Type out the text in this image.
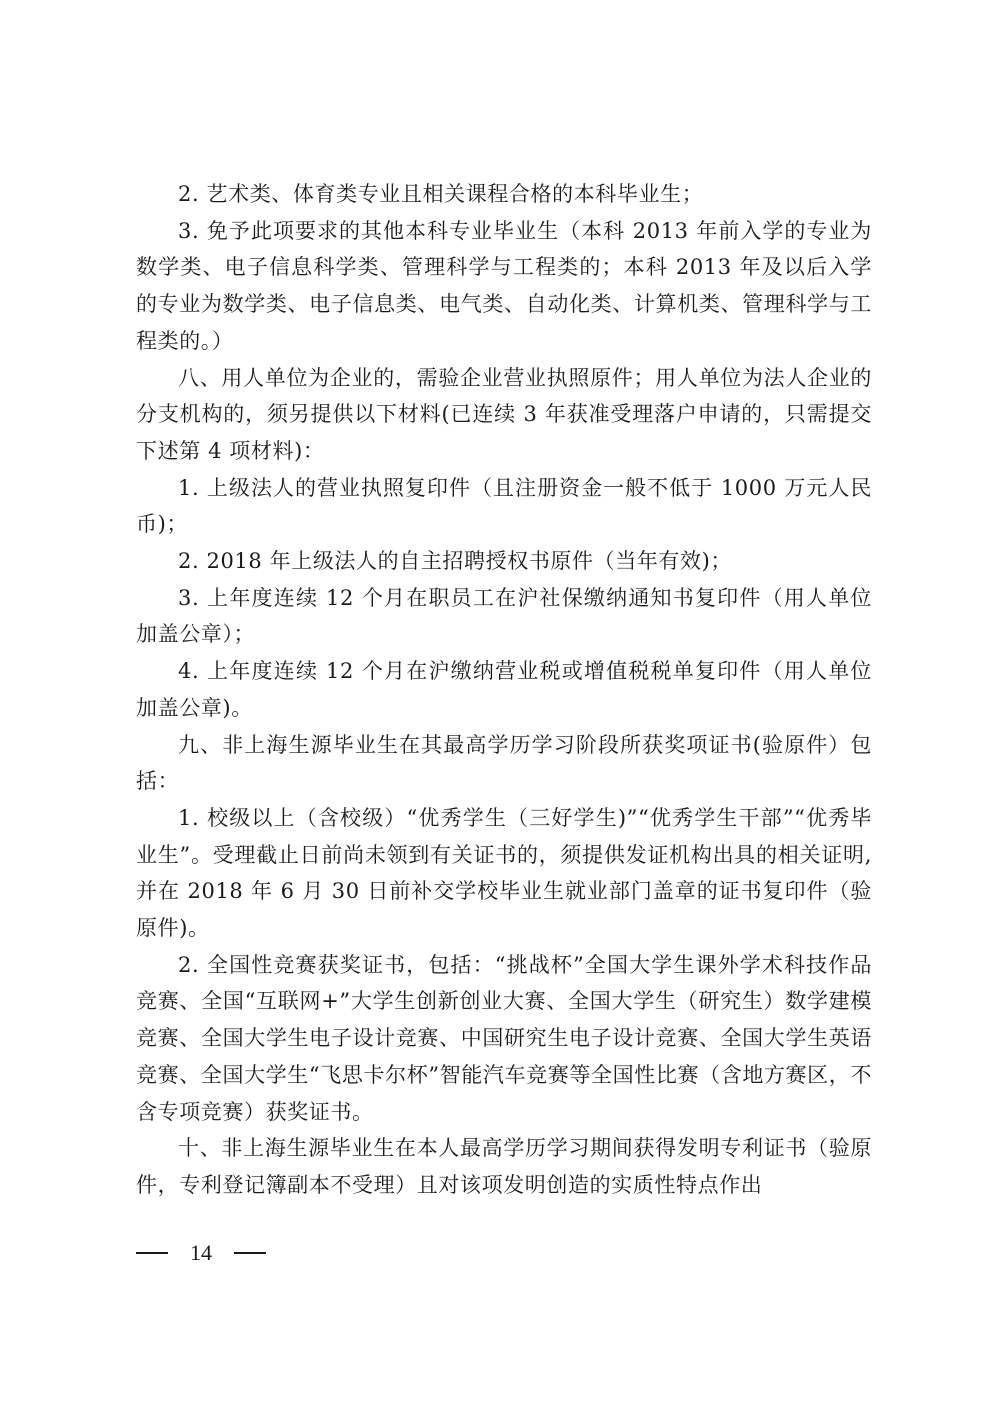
2. 艺术类、体育类专业且相关课程合格的本科毕业生；

3. 免予此项要求的其他本科专业毕业生（本科 2013 年前入学的专业为数学类、电子信息科学类、管理科学与工程类的；本科 2013 年及以后入学的专业为数学类、电子信息类、电气类、自动化类、计算机类、管理科学与工程类的。）

八、用人单位为企业的，需验企业营业执照原件；用人单位为法人企业的分支机构的，须另提供以下材料(已连续 3 年获准受理落户申请的，只需提交下述第 4 项材料)：

1. 上级法人的营业执照复印件（且注册资金一般不低于 1000 万元人民币)；

2. 2018 年上级法人的自主招聘授权书原件（当年有效)；

3. 上年度连续 12 个月在职员工在沪社保缴纳通知书复印件（用人单位加盖公章）；

4. 上年度连续 12 个月在沪缴纳营业税或增值税税单复印件（用人单位加盖公章)。

九、非上海生源毕业生在其最高学历学习阶段所获奖项证书(验原件）包括：

1. 校级以上（含校级）“优秀学生（三好学生)”“优秀学生干部”“优秀毕业生”。受理截止日前尚未领到有关证书的，须提供发证机构出具的相关证明,并在 2018 年 6 月 30 日前补交学校毕业生就业部门盖章的证书复印件（验原件)。

2. 全国性竞赛获奖证书，包括：“挑战杯”全国大学生课外学术科技作品竞赛、全国“互联网+”大学生创新创业大赛、全国大学生（研究生）数学建模竞赛、全国大学生电子设计竞赛、中国研究生电子设计竞赛、全国大学生英语竞赛、全国大学生“飞思卡尔杯”智能汽车竞赛等全国性比赛（含地方赛区，不含专项竞赛）获奖证书。

十、非上海生源毕业生在本人最高学历学习期间获得发明专利证书（验原件，专利登记簿副本不受理）且对该项发明创造的实质性特点作出

14
